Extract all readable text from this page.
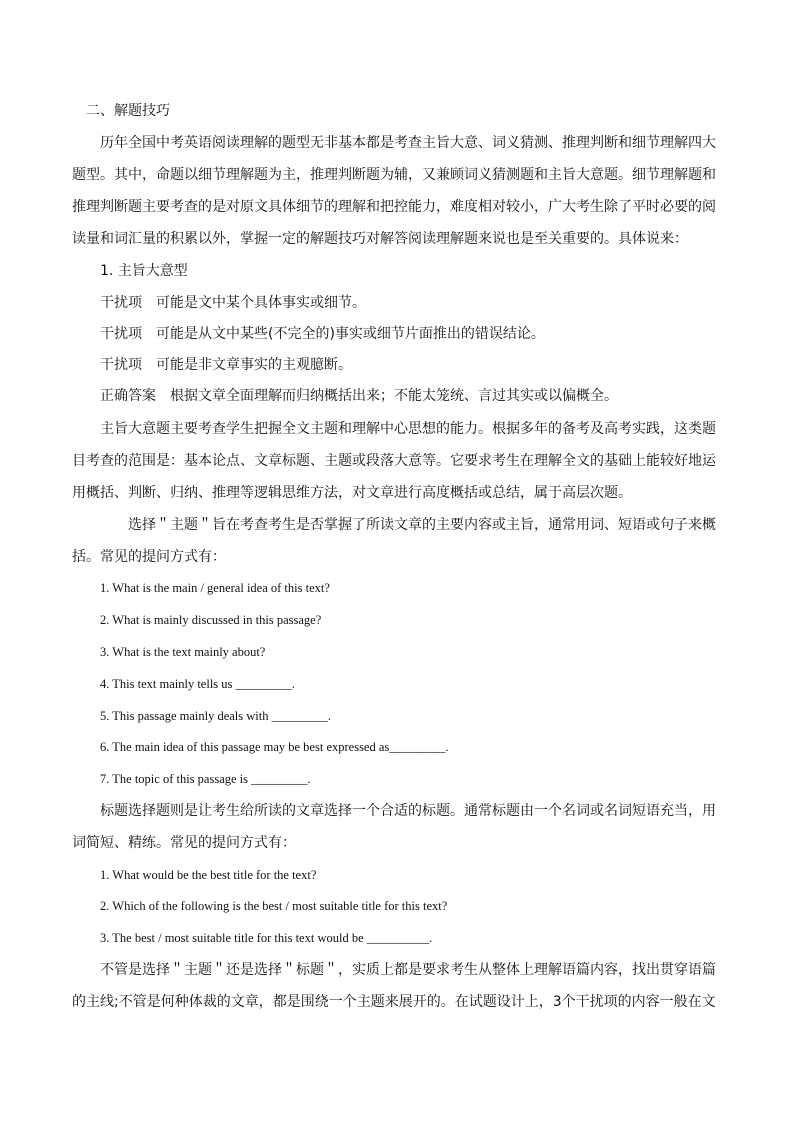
二、解题技巧
历年全国中考英语阅读理解的题型无非基本都是考查主旨大意、词义猜测、推理判断和细节理解四大
题型。其中，命题以细节理解题为主，推理判断题为辅，又兼顾词义猜测题和主旨大意题。细节理解题和
推理判断题主要考查的是对原文具体细节的理解和把控能力，难度相对较小，广大考生除了平时必要的阅
读量和词汇量的积累以外，掌握一定的解题技巧对解答阅读理解题来说也是至关重要的。具体说来：
1. 主旨大意型
干扰项　可能是文中某个具体事实或细节。
干扰项　可能是从文中某些(不完全的)事实或细节片面推出的错误结论。
干扰项　可能是非文章事实的主观臆断。
正确答案　根据文章全面理解而归纳概括出来；不能太笼统、言过其实或以偏概全。
主旨大意题主要考查学生把握全文主题和理解中心思想的能力。根据多年的备考及高考实践，这类题
目考查的范围是：基本论点、文章标题、主题或段落大意等。它要求考生在理解全文的基础上能较好地运
用概括、判断、归纳、推理等逻辑思维方法，对文章进行高度概括或总结，属于高层次题。
选择＂主题＂旨在考查考生是否掌握了所读文章的主要内容或主旨，通常用词、短语或句子来概
括。常见的提问方式有：
1. What is the main / general idea of this text?
2. What is mainly discussed in this passage?
3. What is the text mainly about?
4. This text mainly tells us _________.
5. This passage mainly deals with _________.
6. The main idea of this passage may be best expressed as_________.
7. The topic of this passage is _________.
标题选择题则是让考生给所读的文章选择一个合适的标题。通常标题由一个名词或名词短语充当，用
词简短、精练。常见的提问方式有：
1. What would be the best title for the text?
2. Which of the following is the best / most suitable title for this text?
3. The best / most suitable title for this text would be __________.
不管是选择＂主题＂还是选择＂标题＂，实质上都是要求考生从整体上理解语篇内容，找出贯穿语篇
的主线;不管是何种体裁的文章，都是围绕一个主题来展开的。在试题设计上，3个干扰项的内容一般在文
